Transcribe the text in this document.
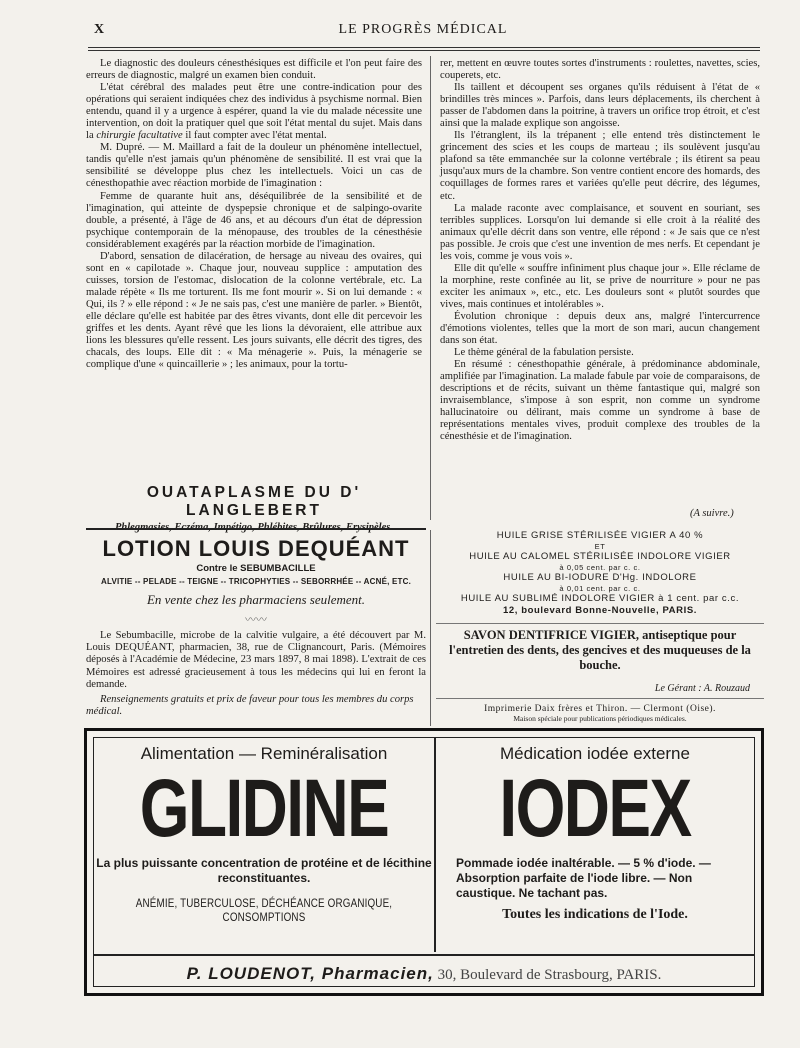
X	LE PROGRÈS MÉDICAL

Le diagnostic des douleurs cénesthésiques est difficile et l'on peut faire des erreurs de diagnostic, malgré un examen bien conduit.

L'état cérébral des malades peut être une contre-indication pour des opérations qui seraient indiquées chez des individus à psychisme normal. Bien entendu, quand il y a urgence à espérer, quand la vie du malade nécessite une intervention, on doit la pratiquer quel que soit l'état mental du sujet. Mais dans la chirurgie facultative il faut compter avec l'état mental.

M. Dupré. — M. Maillard a fait de la douleur un phénomène intellectuel, tandis qu'elle n'est jamais qu'un phénomène de sensibilité. Il est vrai que la sensibilité se développe plus chez les intellectuels. Voici un cas de cénesthopathie avec réaction morbide de l'imagination :

Femme de quarante huit ans, déséquilibrée de la sensibilité et de l'imagination, qui atteinte de dyspepsie chronique et de salpingo-ovarite double, a présenté, à l'âge de 46 ans, et au décours d'un état de dépression psychique contemporain de la ménopause, des troubles de la cénesthésie considérablement exagérés par la réaction morbide de l'imagination.

D'abord, sensation de dilacération, de hersage au niveau des ovaires, qui sont en « capilotade ». Chaque jour, nouveau supplice : amputation des cuisses, torsion de l'estomac, dislocation de la colonne vertébrale, etc. La malade répète « Ils me torturent. Ils me font mourir ». Si on lui demande : « Qui, ils ? » elle répond : « Je ne sais pas, c'est une manière de parler. » Bientôt, elle déclare qu'elle est habitée par des êtres vivants, dont elle dit percevoir les griffes et les dents. Ayant rêvé que les lions la dévoraient, elle attribue aux lions les blessures qu'elle ressent. Les jours suivants, elle décrit des tigres, des chacals, des loups. Elle dit : « Ma ménagerie ». Puis, la ménagerie se complique d'une « quincaillerie » ; les animaux, pour la tortu-

rer, mettent en œuvre toutes sortes d'instruments : roulettes, navettes, scies, couperets, etc.

Ils taillent et découpent ses organes qu'ils réduisent à l'état de « brindilles très minces ». Parfois, dans leurs déplacements, ils cherchent à passer de l'abdomen dans la poitrine, à travers un orifice trop étroit, et c'est ainsi que la malade explique son angoisse.

Ils l'étranglent, ils la trépanent ; elle entend très distinctement le grincement des scies et les coups de marteau ; ils soulèvent jusqu'au plafond sa tête emmanchée sur la colonne vertébrale ; ils étirent sa peau jusqu'aux murs de la chambre. Son ventre contient encore des homards, des coquillages de formes rares et variées qu'elle peut décrire, des légumes, etc.

La malade raconte avec complaisance, et souvent en souriant, ses terribles supplices. Lorsqu'on lui demande si elle croit à la réalité des animaux qu'elle décrit dans son ventre, elle répond : « Je sais que ce n'est pas possible. Je crois que c'est une invention de mes nerfs. Et cependant je les vois, comme je vous vois ».

Elle dit qu'elle « souffre infiniment plus chaque jour ». Elle réclame de la morphine, reste confinée au lit, se prive de nourriture » pour ne pas exciter les animaux », etc., etc. Les douleurs sont « plutôt sourdes que vives, mais continues et intolérables ».

Évolution chronique : depuis deux ans, malgré l'intercurrence d'émotions violentes, telles que la mort de son mari, aucun changement dans son état.

Le thème général de la fabulation persiste.

En résumé : cénesthopathie générale, à prédominance abdominale, amplifiée par l'imagination. La malade fabule par voie de comparaisons, de descriptions et de récits, suivant un thème fantastique qui, malgré son invraisemblance, s'impose à son esprit, non comme un syndrome hallucinatoire ou délirant, mais comme un syndrome à base de représentations mentales vives, produit complexe des troubles de la cénesthésie et de l'imagination.

(A suivre.)
OUATAPLASME DU D' LANGLEBERT
Phlegmasies, Eczéma, Impétigo, Phlébites, Brûlures, Erysipèles.
LOTION LOUIS DEQUÉANT
Contre le SEBUMBACILLE
ALVITIE -- PELADE -- TEIGNE -- TRICOPHYTIES -- SEBORRHÉE -- ACNÉ, ETC.
En vente chez les pharmaciens seulement.
〰〰

Le Sebumbacille, microbe de la calvitie vulgaire, a été découvert par M. Louis DEQUÉANT, pharmacien, 38, rue de Clignancourt, Paris. (Mémoires déposés à l'Académie de Médecine, 23 mars 1897, 8 mai 1898). L'extrait de ces Mémoires est adressé gracieusement à tous les médecins qui lui en feront la demande.

Renseignements gratuits et prix de faveur pour tous les membres du corps médical.
HUILE GRISE STÉRILISÉE VIGIER A 40 %
ET
HUILE AU CALOMEL STÉRILISÉE INDOLORE VIGIER
à 0,05 cent. par c. c.
HUILE AU BI-IODURE D'Hg. INDOLORE
à 0,01 cent. par c. c.
HUILE AU SUBLIMÉ INDOLORE VIGIER à 1 cent. par c.c.
12, boulevard Bonne-Nouvelle, PARIS.
SAVON DENTIFRICE VIGIER, antiseptique pour l'entretien des dents, des gencives et des muqueuses de la bouche.
Le Gérant : A. Rouzaud
Imprimerie Daix frères et Thiron. — Clermont (Oise).
Maison spéciale pour publications périodiques médicales.
Alimentation — Reminéralisation
GLIDINE
La plus puissante concentration de protéine et de lécithine reconstituantes.
ANÉMIE, TUBERCULOSE, DÉCHÉANCE ORGANIQUE, CONSOMPTIONS
Médication iodée externe
IODEX
Pommade iodée inaltérable. — 5 % d'iode. — Absorption parfaite de l'iode libre. — Non caustique. Ne tachant pas.
Toutes les indications de l'Iode.
P. LOUDENOT, Pharmacien, 30, Boulevard de Strasbourg, PARIS.
